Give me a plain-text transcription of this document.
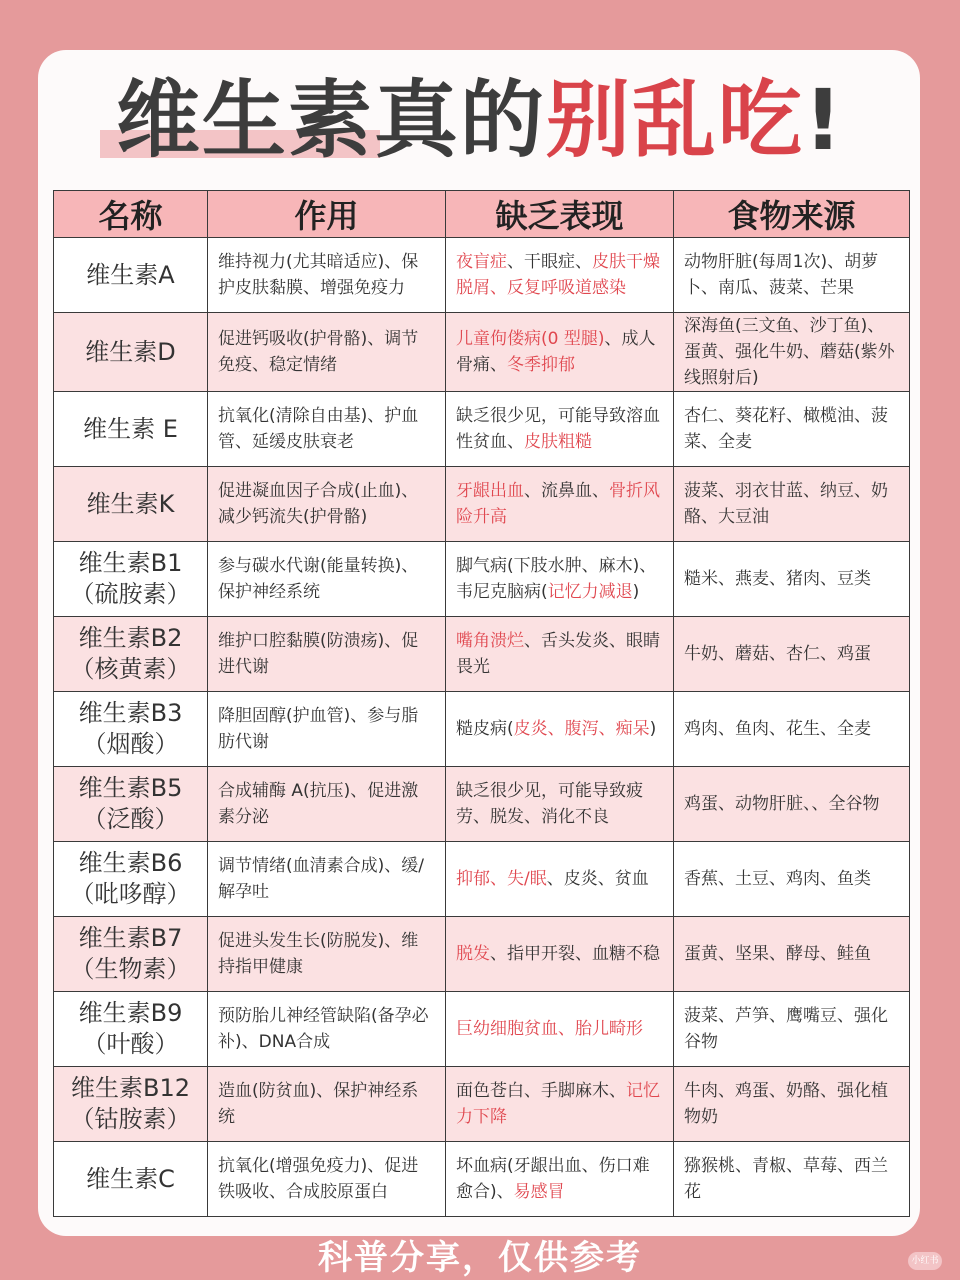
维生素真的别乱吃!
名称	作用	缺乏表现	食物来源

维生素A	维持视力(尤其暗适应)、保护皮肤黏膜、增强免疫力	夜盲症、干眼症、皮肤干燥脱屑、反复呼吸道感染	动物肝脏(每周1次)、胡萝卜、南瓜、菠菜、芒果

维生素D	促进钙吸收(护骨骼)、调节免疫、稳定情绪	儿童佝偻病(0 型腿)、成人骨痛、冬季抑郁	深海鱼(三文鱼、沙丁鱼)、蛋黄、强化牛奶、蘑菇(紫外线照射后)

维生素 E	抗氧化(清除自由基)、护血管、延缓皮肤衰老	缺乏很少见，可能导致溶血性贫血、皮肤粗糙	杏仁、葵花籽、橄榄油、菠菜、全麦

维生素K	促进凝血因子合成(止血)、减少钙流失(护骨骼)	牙龈出血、流鼻血、骨折风险升高	菠菜、羽衣甘蓝、纳豆、奶酪、大豆油

维生素B1
（硫胺素）	参与碳水代谢(能量转换)、保护神经系统	脚气病(下肢水肿、麻木)、韦尼克脑病(记忆力减退)	糙米、燕麦、猪肉、豆类

维生素B2
（核黄素）	维护口腔黏膜(防溃疡)、促进代谢	嘴角溃烂、舌头发炎、眼睛畏光	牛奶、蘑菇、杏仁、鸡蛋

维生素B3
（烟酸）	降胆固醇(护血管)、参与脂肪代谢	糙皮病(皮炎、腹泻、痴呆)	鸡肉、鱼肉、花生、全麦

维生素B5
（泛酸）	合成辅酶 A(抗压)、促进激素分泌	缺乏很少见，可能导致疲劳、脱发、消化不良	鸡蛋、动物肝脏、、全谷物

维生素B6
（吡哆醇）	调节情绪(血清素合成)、缓/解孕吐	抑郁、失/眠、皮炎、贫血	香蕉、土豆、鸡肉、鱼类

维生素B7
（生物素）	促进头发生长(防脱发)、维持指甲健康	脱发、指甲开裂、血糖不稳	蛋黄、坚果、酵母、鲑鱼

维生素B9
（叶酸）	预防胎儿神经管缺陷(备孕必补)、DNA合成	巨幼细胞贫血、胎儿畸形	菠菜、芦笋、鹰嘴豆、强化谷物

维生素B12
（钴胺素）	造血(防贫血)、保护神经系统	面色苍白、手脚麻木、记忆力下降	牛肉、鸡蛋、奶酪、强化植物奶

维生素C	抗氧化(增强免疫力)、促进铁吸收、合成胶原蛋白	坏血病(牙龈出血、伤口难愈合)、易感冒	猕猴桃、青椒、草莓、西兰花
科普分享，仅供参考	小红书
